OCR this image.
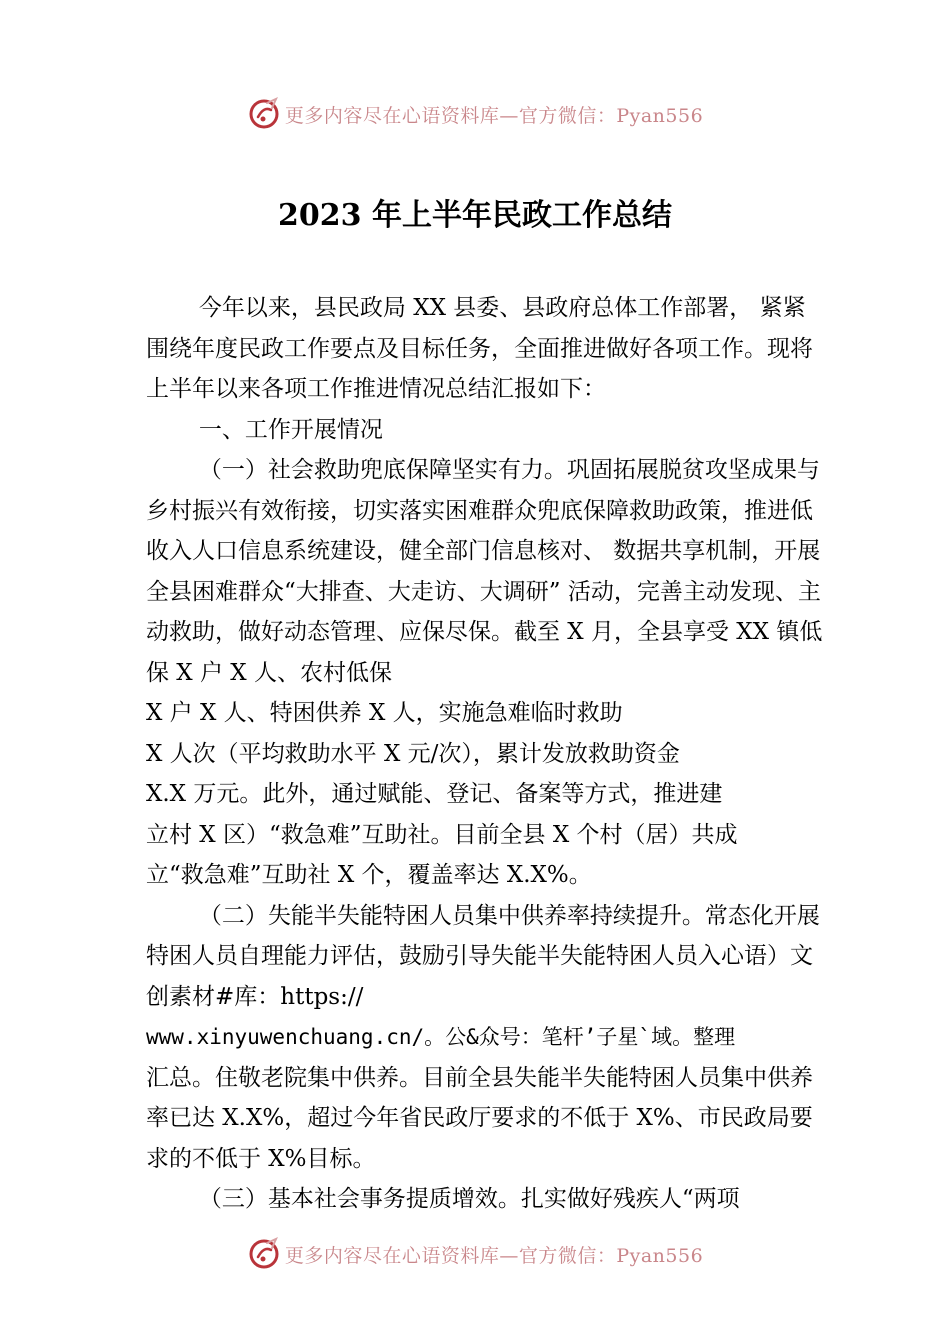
更多内容尽在心语资料库—官方微信：Pyan556
2023 年上半年民政工作总结

今年以来，县民政局 XX 县委、县政府总体工作部署， 紧紧围绕年度民政工作要点及目标任务，全面推进做好各项工作。现将上半年以来各项工作推进情况总结汇报如下：

一、工作开展情况

（一）社会救助兜底保障坚实有力。巩固拓展脱贫攻坚成果与乡村振兴有效衔接，切实落实困难群众兜底保障救助政策，推进低收入人口信息系统建设，健全部门信息核对、 数据共享机制，开展全县困难群众“大排查、大走访、大调研” 活动，完善主动发现、主动救助，做好动态管理、应保尽保。截至 X 月，全县享受 XX 镇低保 X 户 X 人、农村低保

X 户 X 人、特困供养 X 人，实施急难临时救助

X 人次（平均救助水平 X 元/次），累计发放救助资金

X.X 万元。此外，通过赋能、登记、备案等方式，推进建

立村 X 区）“救急难”互助社。目前全县 X 个村（居）共成

立“救急难”互助社 X 个，覆盖率达 X.X%。

（二）失能半失能特困人员集中供养率持续提升。常态化开展特困人员自理能力评估，鼓励引导失能半失能特困人员入心语）文创素材#库：https://

www.xinyuwenchuang.cn/。公&众号：笔杆’子星`域。整理

汇总。住敬老院集中供养。目前全县失能半失能特困人员集中供养率已达 X.X%，超过今年省民政厅要求的不低于 X%、市民政局要求的不低于 X%目标。

（三）基本社会事务提质增效。扎实做好残疾人“两项

更多内容尽在心语资料库—官方微信：Pyan556
